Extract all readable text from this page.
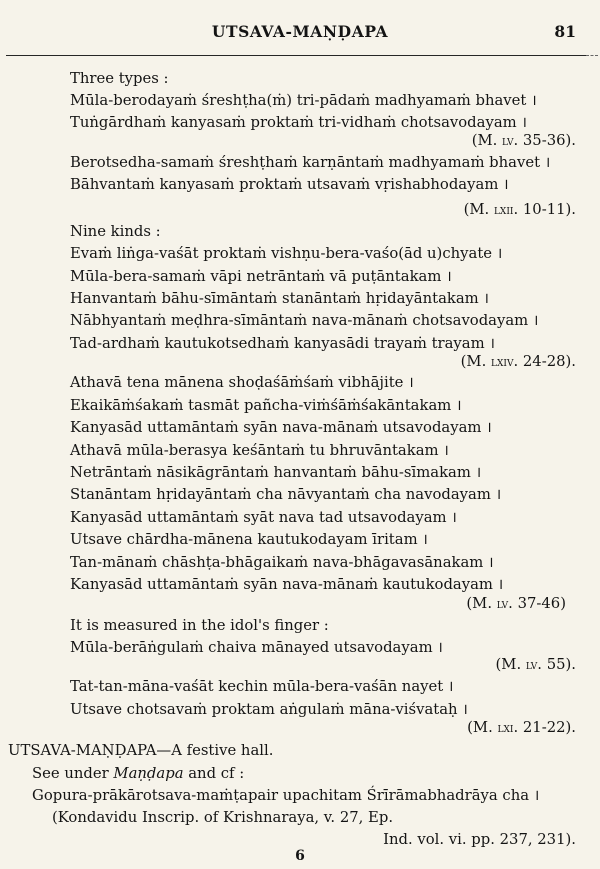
UTSAVA-MAṆḌAPA	81
Three types :
Mūla-berodayaṁ śreshṭha(ṁ) tri-pādaṁ madhyamaṁ bhavet ।
Tuṅgārdhaṁ kanyasaṁ proktaṁ tri-vidhaṁ chotsavodayam ।
(M. lv. 35-36).
Berotsedha-samaṁ śreshṭhaṁ karṇāntaṁ madhyamaṁ bhavet ।
Bāhvantaṁ kanyasaṁ proktaṁ utsavaṁ vṛishabhodayam ।
(M. lxii. 10-11).
Nine kinds :
Evaṁ liṅga-vaśāt proktaṁ vishṇu-bera-vaśo(ād u)chyate ।
Mūla-bera-samaṁ vāpi netrāntaṁ vā puṭāntakam ।
Hanvantaṁ bāhu-sīmāntaṁ stanāntaṁ hṛidayāntakam ।
Nābhyantaṁ meḍhra-sīmāntaṁ nava-mānaṁ chotsavodayam ।
Tad-ardhaṁ kautukotsedhaṁ kanyasādi trayaṁ trayam ।
(M. lxiv. 24-28).
Athavā tena mānena shoḍaśāṁśaṁ vibhājite ।
Ekaikāṁśakaṁ tasmāt pañcha-viṁśāṁśakāntakam ।
Kanyasād uttamāntaṁ syān nava-mānaṁ utsavodayam ।
Athavā mūla-berasya keśāntaṁ tu bhruvāntakam ।
Netrāntaṁ nāsikāgrāntaṁ hanvantaṁ bāhu-sīmakam ।
Stanāntam hṛidayāntaṁ cha nāvyantaṁ cha navodayam ।
Kanyasād uttamāntaṁ syāt nava tad utsavodayam ।
Utsave chārdha-mānena kautukodayam īritam ।
Tan-mānaṁ chāshṭa-bhāgaikaṁ nava-bhāgavasānakam ।
Kanyasād uttamāntaṁ syān nava-mānaṁ kautukodayam ।
(M. lv. 37-46)
It is measured in the idol's finger :
Mūla-berāṅgulaṁ chaiva mānayed utsavodayam ।
(M. lv. 55).
Tat-tan-māna-vaśāt kechin mūla-bera-vaśān nayet ।
Utsave chotsavaṁ proktam aṅgulaṁ māna-viśvataḥ ।
(M. lxi. 21-22).
UTSAVA-MAṆḌAPA—A festive hall.
See under Maṇḍapa and cf :
Gopura-prākārotsava-maṁṭapair upachitam Śrīrāmabhadrāya cha ।
(Kondavidu Inscrip. of Krishnaraya, v. 27, Ep.
Ind. vol. vi. pp. 237, 231).
6
